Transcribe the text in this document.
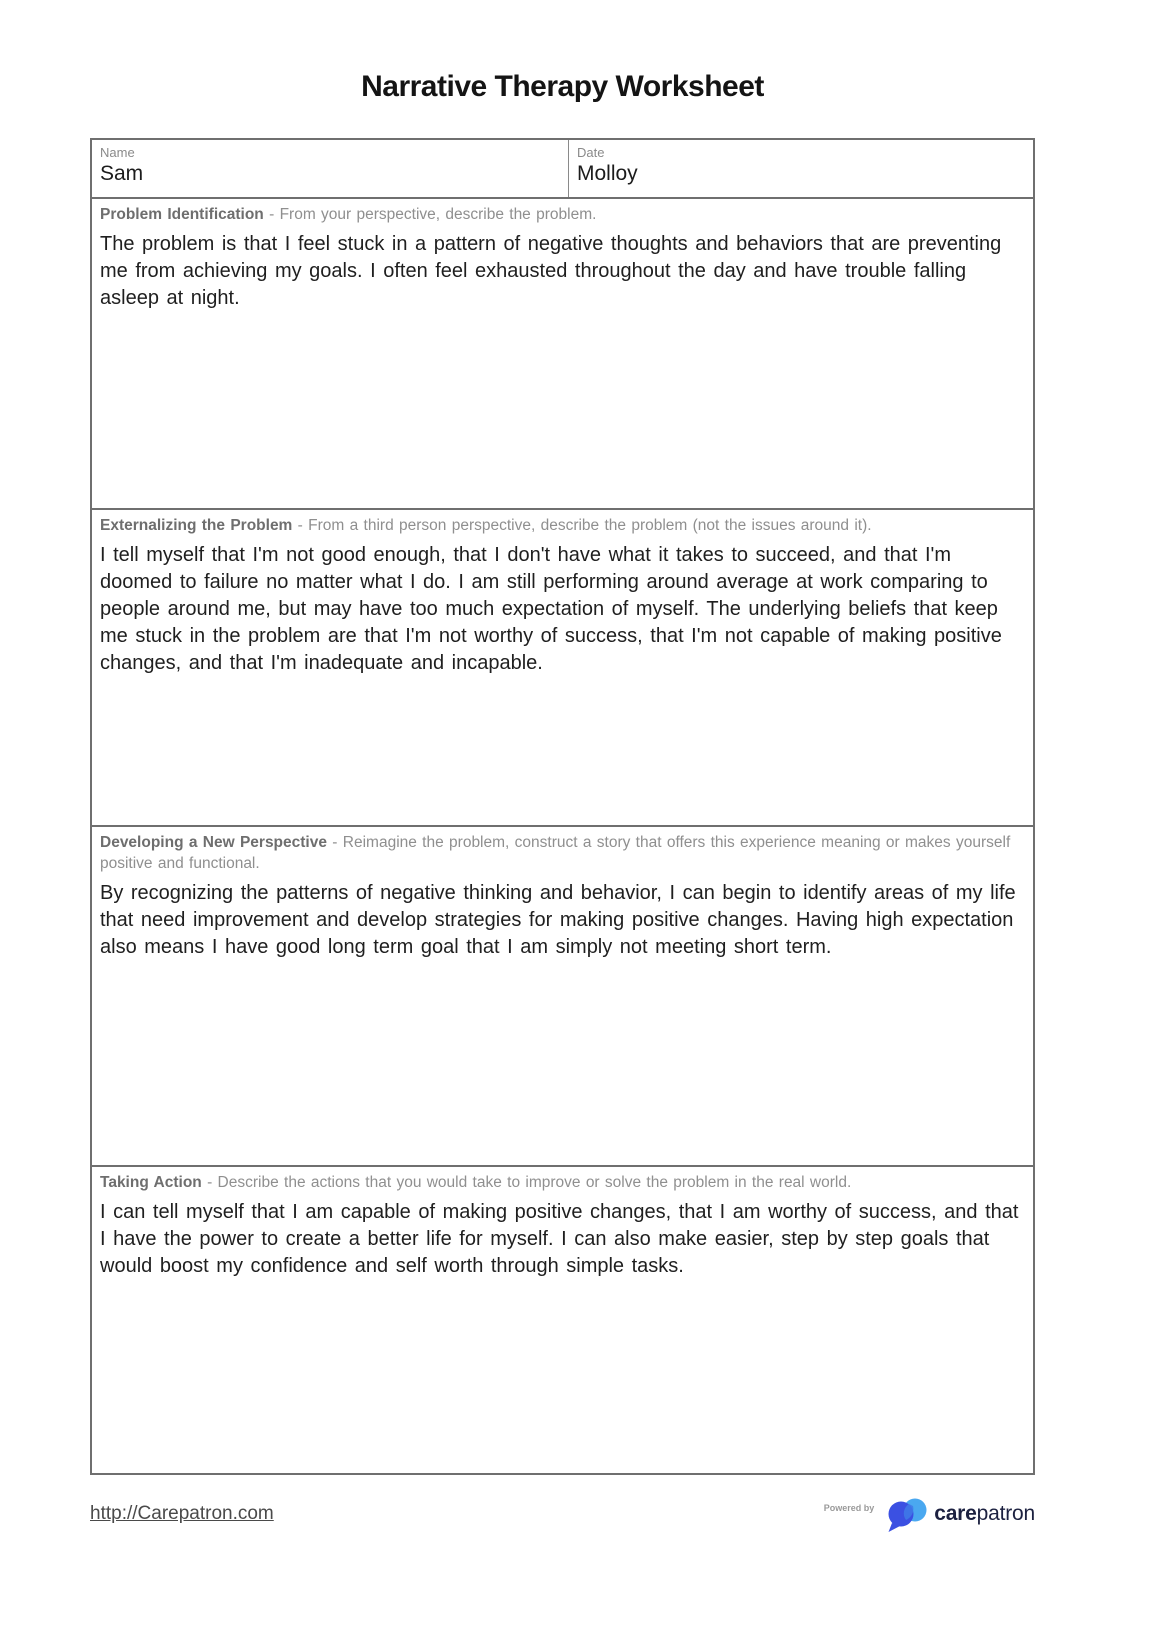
Narrative Therapy Worksheet
Name
Sam
Date
Molloy
Problem Identification - From your perspective, describe the problem.
The problem is that I feel stuck in a pattern of negative thoughts and behaviors that are preventing me from achieving my goals. I often feel exhausted throughout the day and have trouble falling asleep at night.
Externalizing the Problem - From a third person perspective, describe the problem (not the issues around it).
I tell myself that I'm not good enough, that I don't have what it takes to succeed, and that I'm doomed to failure no matter what I do. I am still performing around average at work comparing to people around me, but may have too much expectation of myself. The underlying beliefs that keep me stuck in the problem are that I'm not worthy of success, that I'm not capable of making positive changes, and that I'm inadequate and incapable.
Developing a New Perspective - Reimagine the problem, construct a story that offers this experience meaning or makes yourself positive and functional.
By recognizing the patterns of negative thinking and behavior, I can begin to identify areas of my life that need improvement and develop strategies for making positive changes. Having high expectation also means I have good long term goal that I am simply not meeting short term.
Taking Action - Describe the actions that you would take to improve or solve the problem in the real world.
I can tell myself that I am capable of making positive changes, that I am worthy of success, and that I have the power to create a better life for myself. I can also make easier, step by step goals that would boost my confidence and self worth through simple tasks.
http://Carepatron.com	Powered by	carepatron
